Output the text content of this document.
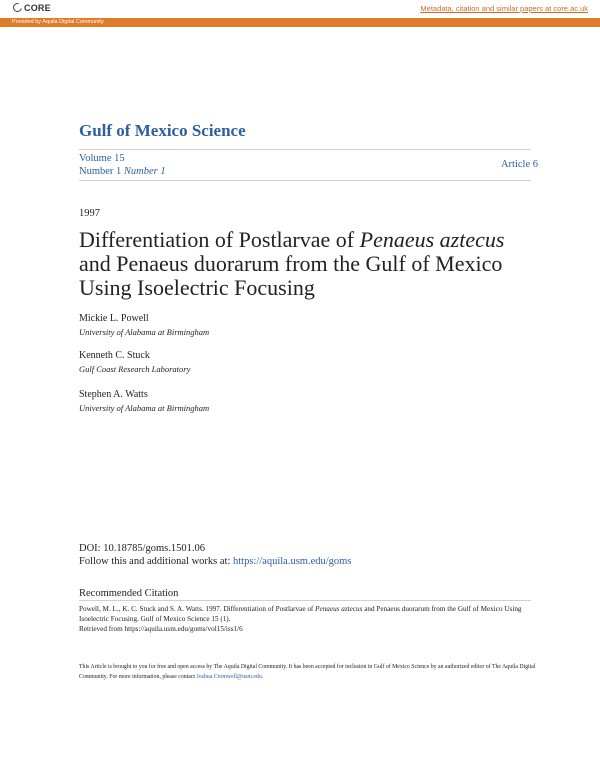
CORE	Metadata, citation and similar papers at core.ac.uk
Provided by Aquila Digital Community
Gulf of Mexico Science
Volume 15
Number 1 Number 1
Article 6
1997
Differentiation of Postlarvae of Penaeus aztecus and Penaeus duorarum from the Gulf of Mexico Using Isoelectric Focusing
Mickie L. Powell
University of Alabama at Birmingham
Kenneth C. Stuck
Gulf Coast Research Laboratory
Stephen A. Watts
University of Alabama at Birmingham
DOI: 10.18785/goms.1501.06
Follow this and additional works at: https://aquila.usm.edu/goms
Recommended Citation
Powell, M. L., K. C. Stuck and S. A. Watts. 1997. Differentiation of Postlarvae of Penaeus aztecus and Penaeus duorarum from the Gulf of Mexico Using Isoelectric Focusing. Gulf of Mexico Science 15 (1).
Retrieved from https://aquila.usm.edu/goms/vol15/iss1/6
This Article is brought to you for free and open access by The Aquila Digital Community. It has been accepted for inclusion in Gulf of Mexico Science by an authorized editor of The Aquila Digital Community. For more information, please contact Joshua.Cromwell@usm.edu.
